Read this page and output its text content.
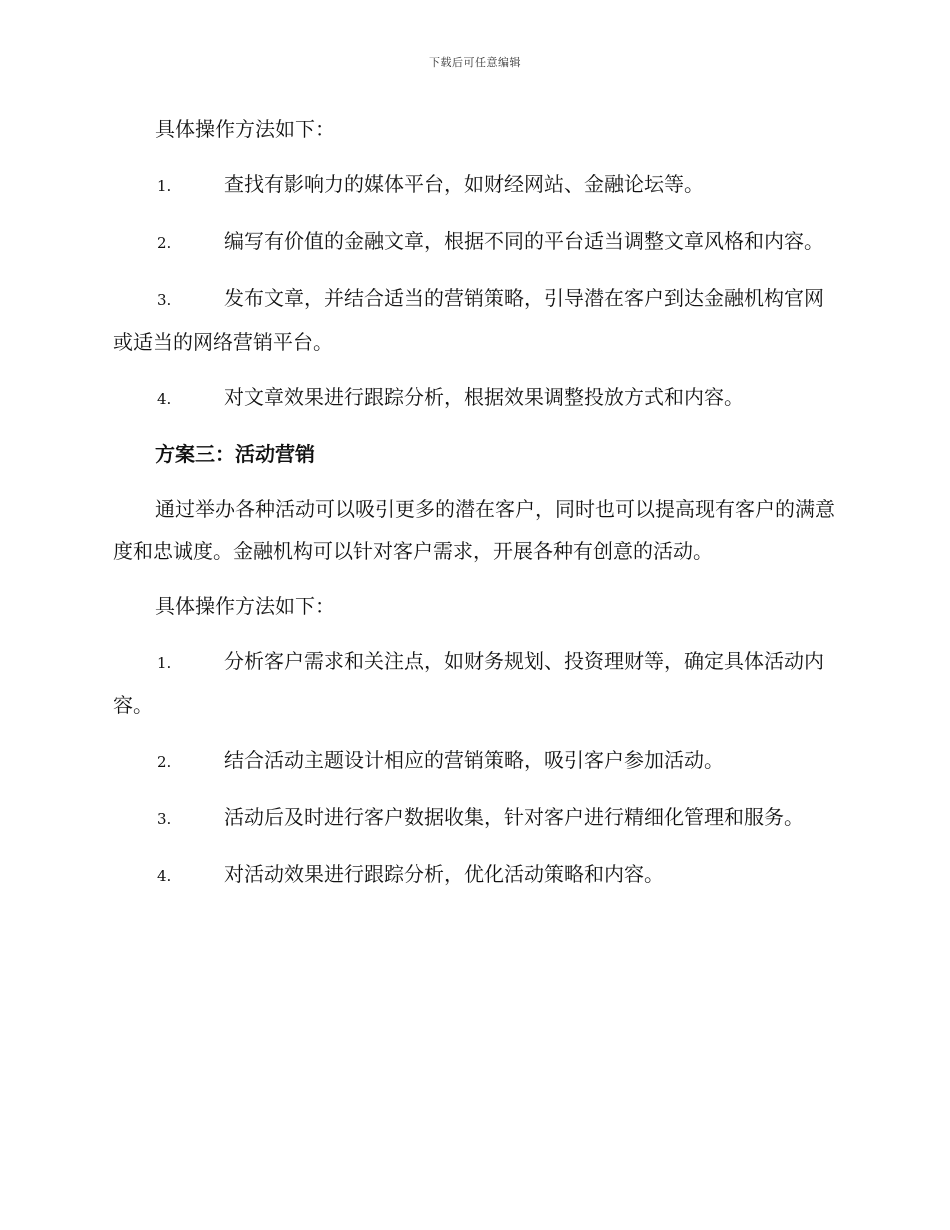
下载后可任意编辑

具体操作方法如下：

1.	查找有影响力的媒体平台，如财经网站、金融论坛等。

2.	编写有价值的金融文章，根据不同的平台适当调整文章风格和内容。

3.	发布文章，并结合适当的营销策略，引导潜在客户到达金融机构官网或适当的网络营销平台。

4.	对文章效果进行跟踪分析，根据效果调整投放方式和内容。

方案三：活动营销

通过举办各种活动可以吸引更多的潜在客户，同时也可以提高现有客户的满意度和忠诚度。金融机构可以针对客户需求，开展各种有创意的活动。

具体操作方法如下：

1.	分析客户需求和关注点，如财务规划、投资理财等，确定具体活动内容。

2.	结合活动主题设计相应的营销策略，吸引客户参加活动。

3.	活动后及时进行客户数据收集，针对客户进行精细化管理和服务。

4.	对活动效果进行跟踪分析，优化活动策略和内容。
